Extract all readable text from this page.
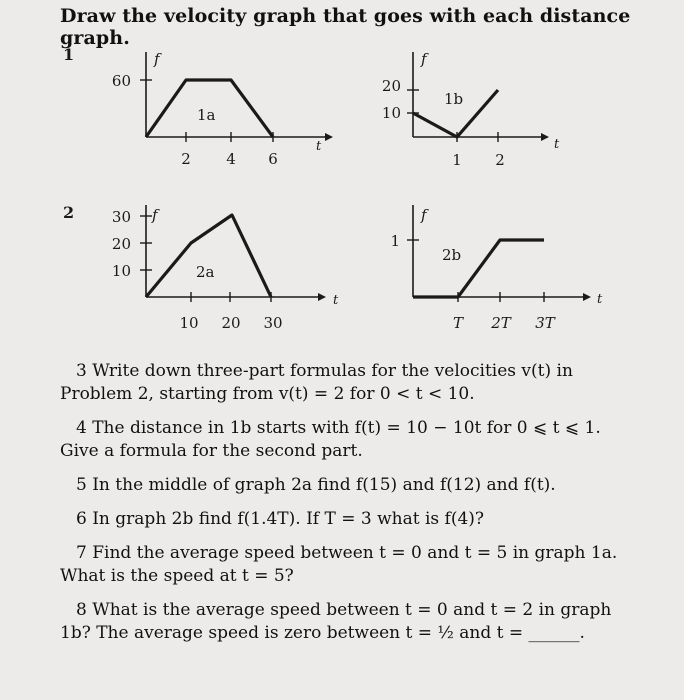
Draw the velocity graph that goes with each distance graph.
1
2
f
t
60
2 4 6
1a
f
t
20
10
1 2
1b
f
t
30
20
10
10 20 30
2a
f
t
1
T 2T 3T
2b

3 Write down three-part formulas for the velocities v(t) in Problem 2, starting from v(t) = 2 for 0 < t < 10.

4 The distance in 1b starts with f(t) = 10 − 10t for 0 ⩽ t ⩽ 1. Give a formula for the second part.

5 In the middle of graph 2a find f(15) and f(12) and f(t).

6 In graph 2b find f(1.4T). If T = 3 what is f(4)?

7 Find the average speed between t = 0 and t = 5 in graph 1a. What is the speed at t = 5?

8 What is the average speed between t = 0 and t = 2 in graph 1b? The average speed is zero between t = ½ and t = ______.
